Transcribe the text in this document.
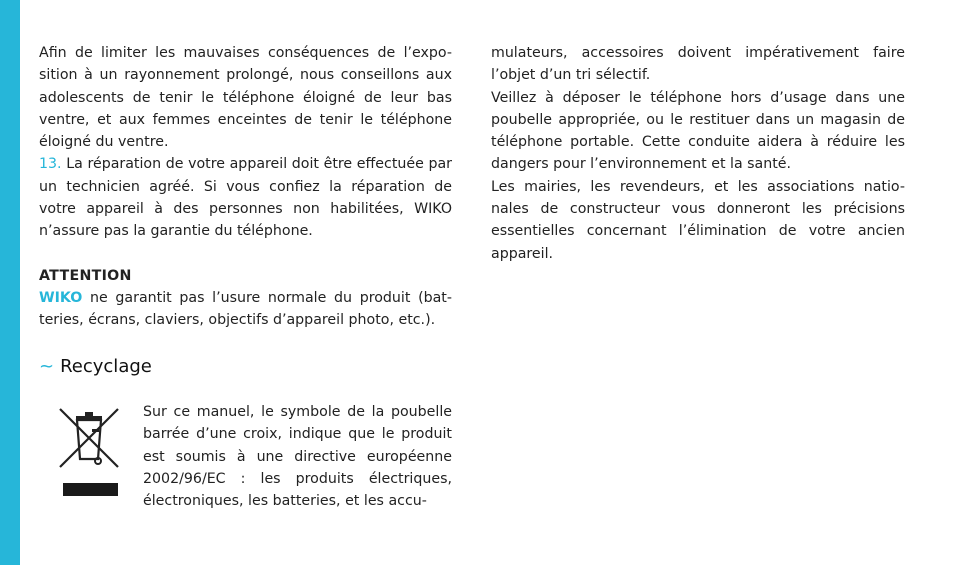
Afin de limiter les mauvaises conséquences de l’expo-sition à un rayonnement prolongé, nous conseillons aux adolescents de tenir le téléphone éloigné de leur bas ventre, et aux femmes enceintes de tenir le téléphone éloigné du ventre.

13. La réparation de votre appareil doit être effectuée par un technicien agréé. Si vous confiez la réparation de votre appareil à des personnes non habilitées, WIKO n’assure pas la garantie du téléphone.

ATTENTION

WIKO ne garantit pas l’usure normale du produit (bat-teries, écrans, claviers, objectifs d’appareil photo, etc.).

~ Recyclage
Sur ce manuel, le symbole de la poubelle barrée d’une croix, indique que le produit est soumis à une directive européenne 2002/96/EC : les produits électriques, électroniques, les batteries, et les accu-

mulateurs, accessoires doivent impérativement faire l’objet d’un tri sélectif.

Veillez à déposer le téléphone hors d’usage dans une poubelle appropriée, ou le restituer dans un magasin de téléphone portable. Cette conduite aidera à réduire les dangers pour l’environnement et la santé.

Les mairies, les revendeurs, et les associations natio-nales de constructeur vous donneront les précisions essentielles concernant l’élimination de votre ancien appareil.
